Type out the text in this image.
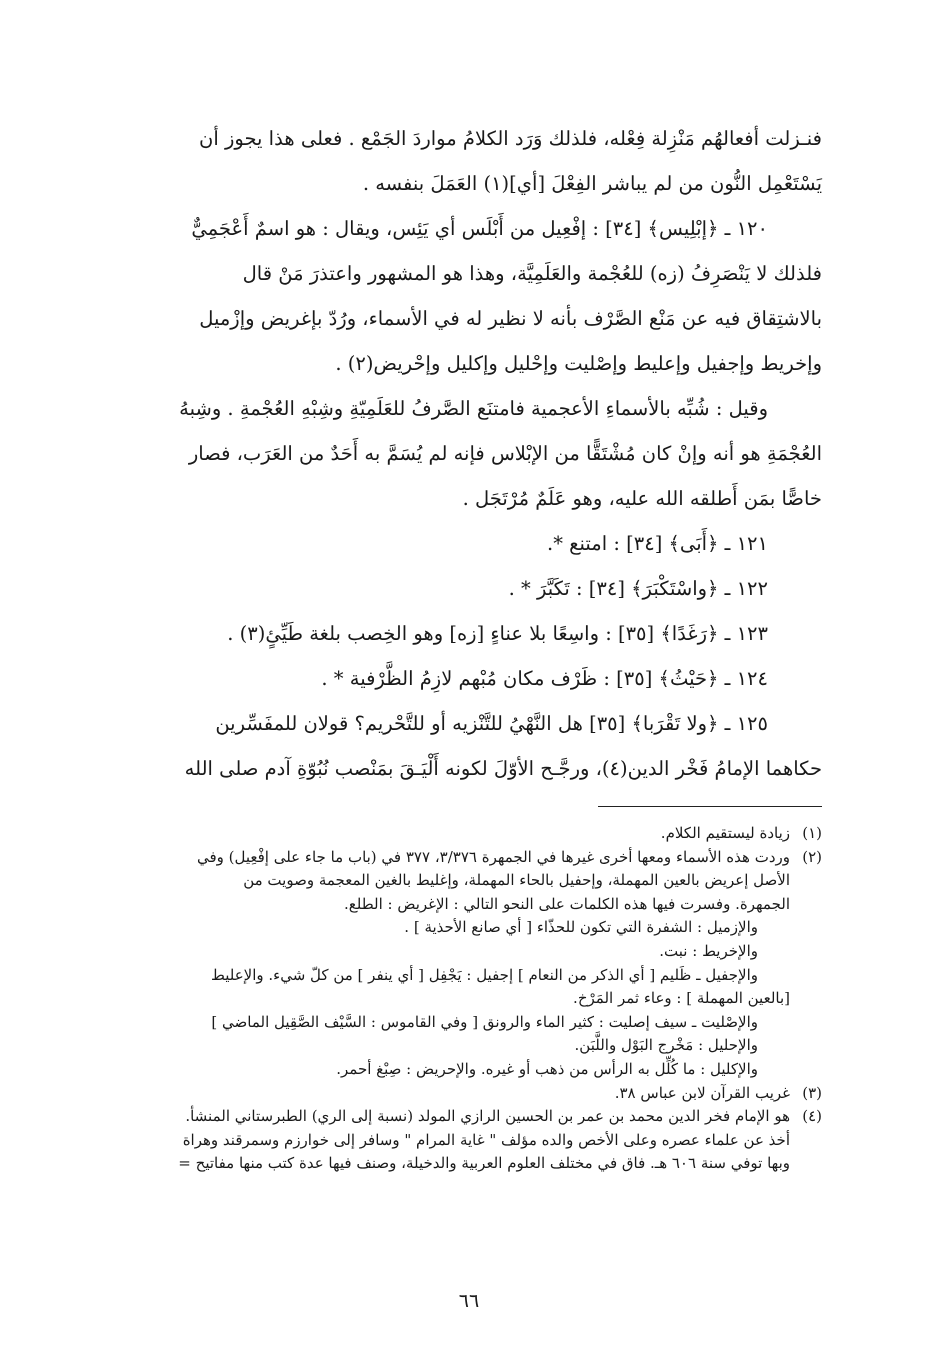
فنـزلت أفعالهُم مَنْزِلة فِعْله، فلذلك وَرَد الكلامُ مواردَ الجَمْع . فعلى هذا يجوز أن
يَسْتَعْمِل النُّون من لم يباشر الفِعْلَ [أي](١) العَمَلَ بنفسه .

١٢٠ ـ ﴿إبْلِيس﴾ [٣٤] : إفْعِيل من أَبْلَس أي يَئِس، ويقال : هو اسمٌ أَعْجَمِيٌّ
فلذلك لا يَنْصَرِفُ (زه) للعُجْمة والعَلَمِيَّة، وهذا هو المشهور واعتذرَ مَنْ قال
بالاشتِقاق فيه عن مَنْع الصَّرْف بأنه لا نظير له في الأسماء، ورُدّ بإغريض وإزْميل
وإخريط وإجفيل وإعليط وإصْليت وإحْليل وإكليل وإحْريض(٢) .

وقيل : شُبِّه بالأسماءِ الأعجمية فامتنَع الصَّرفُ للعَلَمِيّةِ وشِبْهِ العُجْمةِ . وشِبهُ
العُجْمَةِ هو أنه وإنْ كان مُشْتَقًّا من الإبْلاس فإنه لم يُسَمَّ به أَحَدٌ من العَرَب، فصار
خاصًّا بمَن أَطلقه الله عليه، وهو عَلَمٌ مُرْتَجَل .

١٢١ ـ ﴿أَبَى﴾ [٣٤] : امتنع *.

١٢٢ ـ ﴿واسْتَكْبَرَ﴾ [٣٤] : تَكَبَّرَ * .

١٢٣ ـ ﴿رَغَدًا﴾ [٣٥] : واسِعًا بلا عناءٍ [زه] وهو الخِصب بلغة طَيِّئٍ(٣) .

١٢٤ ـ ﴿حَيْثُ﴾ [٣٥] : ظَرْف مكان مُبْهم لازِمُ الظَّرْفية * .

١٢٥ ـ ﴿ولا تَقْرَبا﴾ [٣٥] هل النَّهْيُ للتَّنْزيه أو للتَّحْريم؟ قولان للمفَسِّرين
حكاهما الإمامُ فَخْر الدين(٤)، ورجَّـح الأوّلَ لكونه أَلْيَـقَ بمَنْصب نُبُوّةِ آدم صلى الله

(١)
زيادة ليستقيم الكلام.
(٢)
وردت هذه الأسماء ومعها أخرى غيرها في الجمهرة ٣/٣٧٦، ٣٧٧ في (باب ما جاء على إفْعِيل) وفي
الأصل إعريض بالعين المهملة، وإحفيل بالحاء المهملة، وإغليط بالغين المعجمة وصويت من
الجمهرة. وفسرت فيها هذه الكلمات على النحو التالي : الإغريض : الطلع.
والإزميل : الشفرة التي تكون للحذّاء [ أي صانع الأحذية ] .
والإخريط : نبت.
والإجفيل ـ ظَليم [ أي الذكر من النعام ] إجفيل : يَجْفِل [ أي ينفر ] من كلّ شيء. والإعليط
[بالعين المهملة ] : وعاء ثمر المَرْخ.
والإصْليت ـ سيف إصليت : كثير الماء والرونق [ وفي القاموس : السَّيْف الصَّقِيل الماضي ]
والإحليل : مَخْرج البَوْل واللَّبَن.
والإكليل : ما كُلِّل به الرأس من ذهب أو غيره. والإحريض : صِبْغ أحمر.
(٣)
غريب القرآن لابن عباس ٣٨.
(٤)
هو الإمام فخر الدين محمد بن عمر بن الحسين الرازي المولد (نسبة إلى الري) الطبرستاني المنشأ.
أخذ عن علماء عصره وعلى الأخص والده مؤلف " غاية المرام " وسافر إلى خوارزم وسمرقند وهراة
وبها توفي سنة ٦٠٦ هـ. فاق في مختلف العلوم العربية والدخيلة، وصنف فيها عدة كتب منها مفاتيح =
٦٦
